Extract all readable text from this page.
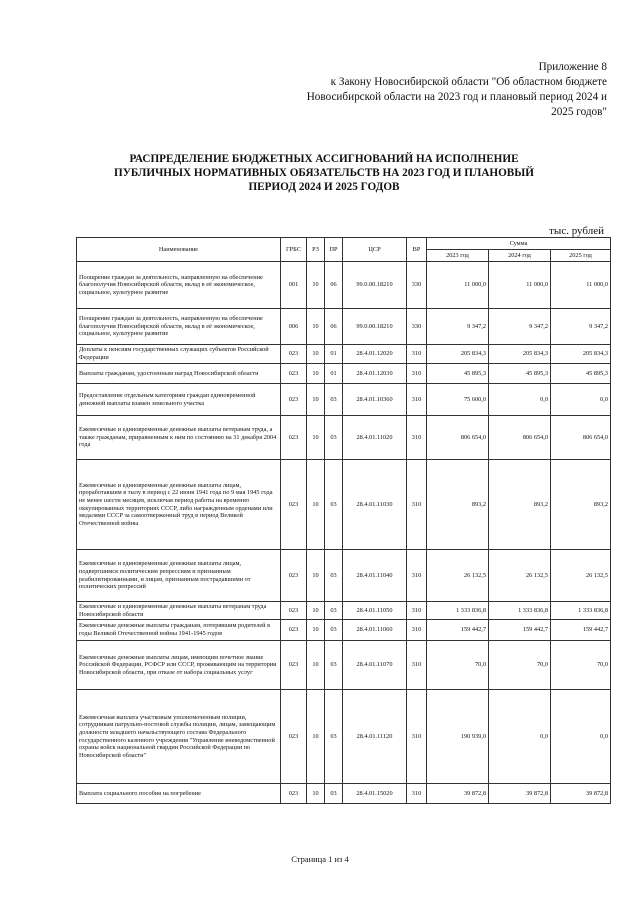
Приложение 8
к Закону Новосибирской области "Об областном бюджете
Новосибирской области на 2023 год и плановый период 2024 и
2025 годов"
РАСПРЕДЕЛЕНИЕ БЮДЖЕТНЫХ АССИГНОВАНИЙ НА ИСПОЛНЕНИЕ
ПУБЛИЧНЫХ НОРМАТИВНЫХ ОБЯЗАТЕЛЬСТВ НА 2023 ГОД И ПЛАНОВЫЙ
ПЕРИОД 2024 И 2025 ГОДОВ
тыс. рублей
Наименование	ГРБС	РЗ	ПР	ЦСР	ВР	Сумма		
						2023 год	2024 год	2025 год
Поощрение граждан за деятельность, направленную на обеспечение благополучия Новосибирской области, вклад в её экономическое, социальное, культурное развитие	001	10	06	99.0.00.18210	330	11 000,0	11 000,0	11 000,0
Поощрение граждан за деятельность, направленную на обеспечение благополучия Новосибирской области, вклад в её экономическое, социальное, культурное развитие	006	10	06	99.0.00.18210	330	9 347,2	9 347,2	9 347,2
Доплаты к пенсиям государственных служащих субъектов Российской Федерации	023	10	01	28.4.01.12020	310	205 834,3	205 834,3	205 834,3
Выплаты гражданам, удостоенным наград Новосибирской области	023	10	01	28.4.01.12030	310	45 895,3	45 895,3	45 895,3
Предоставление отдельным категориям граждан единовременной денежной выплаты взамен земельного участка	023	10	03	28.4.01.10360	310	75 600,0	0,0	0,0
Ежемесячные и единовременные денежные выплаты ветеранам труда, а также гражданам, приравненным к ним по состоянию на 31 декабря 2004 года	023	10	03	28.4.01.11020	310	806 654,0	806 654,0	806 654,0
Ежемесячные и единовременные денежные выплаты лицам, проработавшим в тылу в период с 22 июня 1941 года по 9 мая 1945 года не менее шести месяцев, исключая период работы на временно оккупированных территориях СССР, либо награжденным орденами или медалями СССР за самоотверженный труд в период Великой Отечественной войны	023	10	03	28.4.01.11030	310	893,2	893,2	893,2
Ежемесячные и единовременные денежные выплаты лицам, подвергшимся политическим репрессиям и признанным реабилитированными, и лицам, признанным пострадавшими от политических репрессий	023	10	03	28.4.01.11040	310	26 132,5	26 132,5	26 132,5
Ежемесячные и единовременные денежные выплаты ветеранам труда Новосибирской области	023	10	03	28.4.01.11050	310	1 333 836,8	1 333 836,8	1 333 836,8
Ежемесячные денежные выплаты гражданам, потерявшим родителей в годы Великой Отечественной войны 1941-1945 годов	023	10	03	28.4.01.11060	310	159 442,7	159 442,7	159 442,7
Ежемесячные денежные выплаты лицам, имеющим почетное звание Российской Федерации, РСФСР или СССР, проживающим на территории Новосибирской области, при отказе от набора социальных услуг	023	10	03	28.4.01.11070	310	70,0	70,0	70,0
Ежемесячная выплата участковым уполномоченным полиции, сотрудникам патрульно-постовой службы полиции, лицам, замещающим должности младшего начальствующего состава Федерального государственного казенного учреждения "Управление вневедомственной охраны войск национальной гвардии Российской Федерации по Новосибирской области"	023	10	03	28.4.01.11120	310	190 939,0	0,0	0,0
Выплата социального пособия на погребение	023	10	03	28.4.01.15020	310	39 872,8	39 872,8	39 872,8
Страница 1 из 4
